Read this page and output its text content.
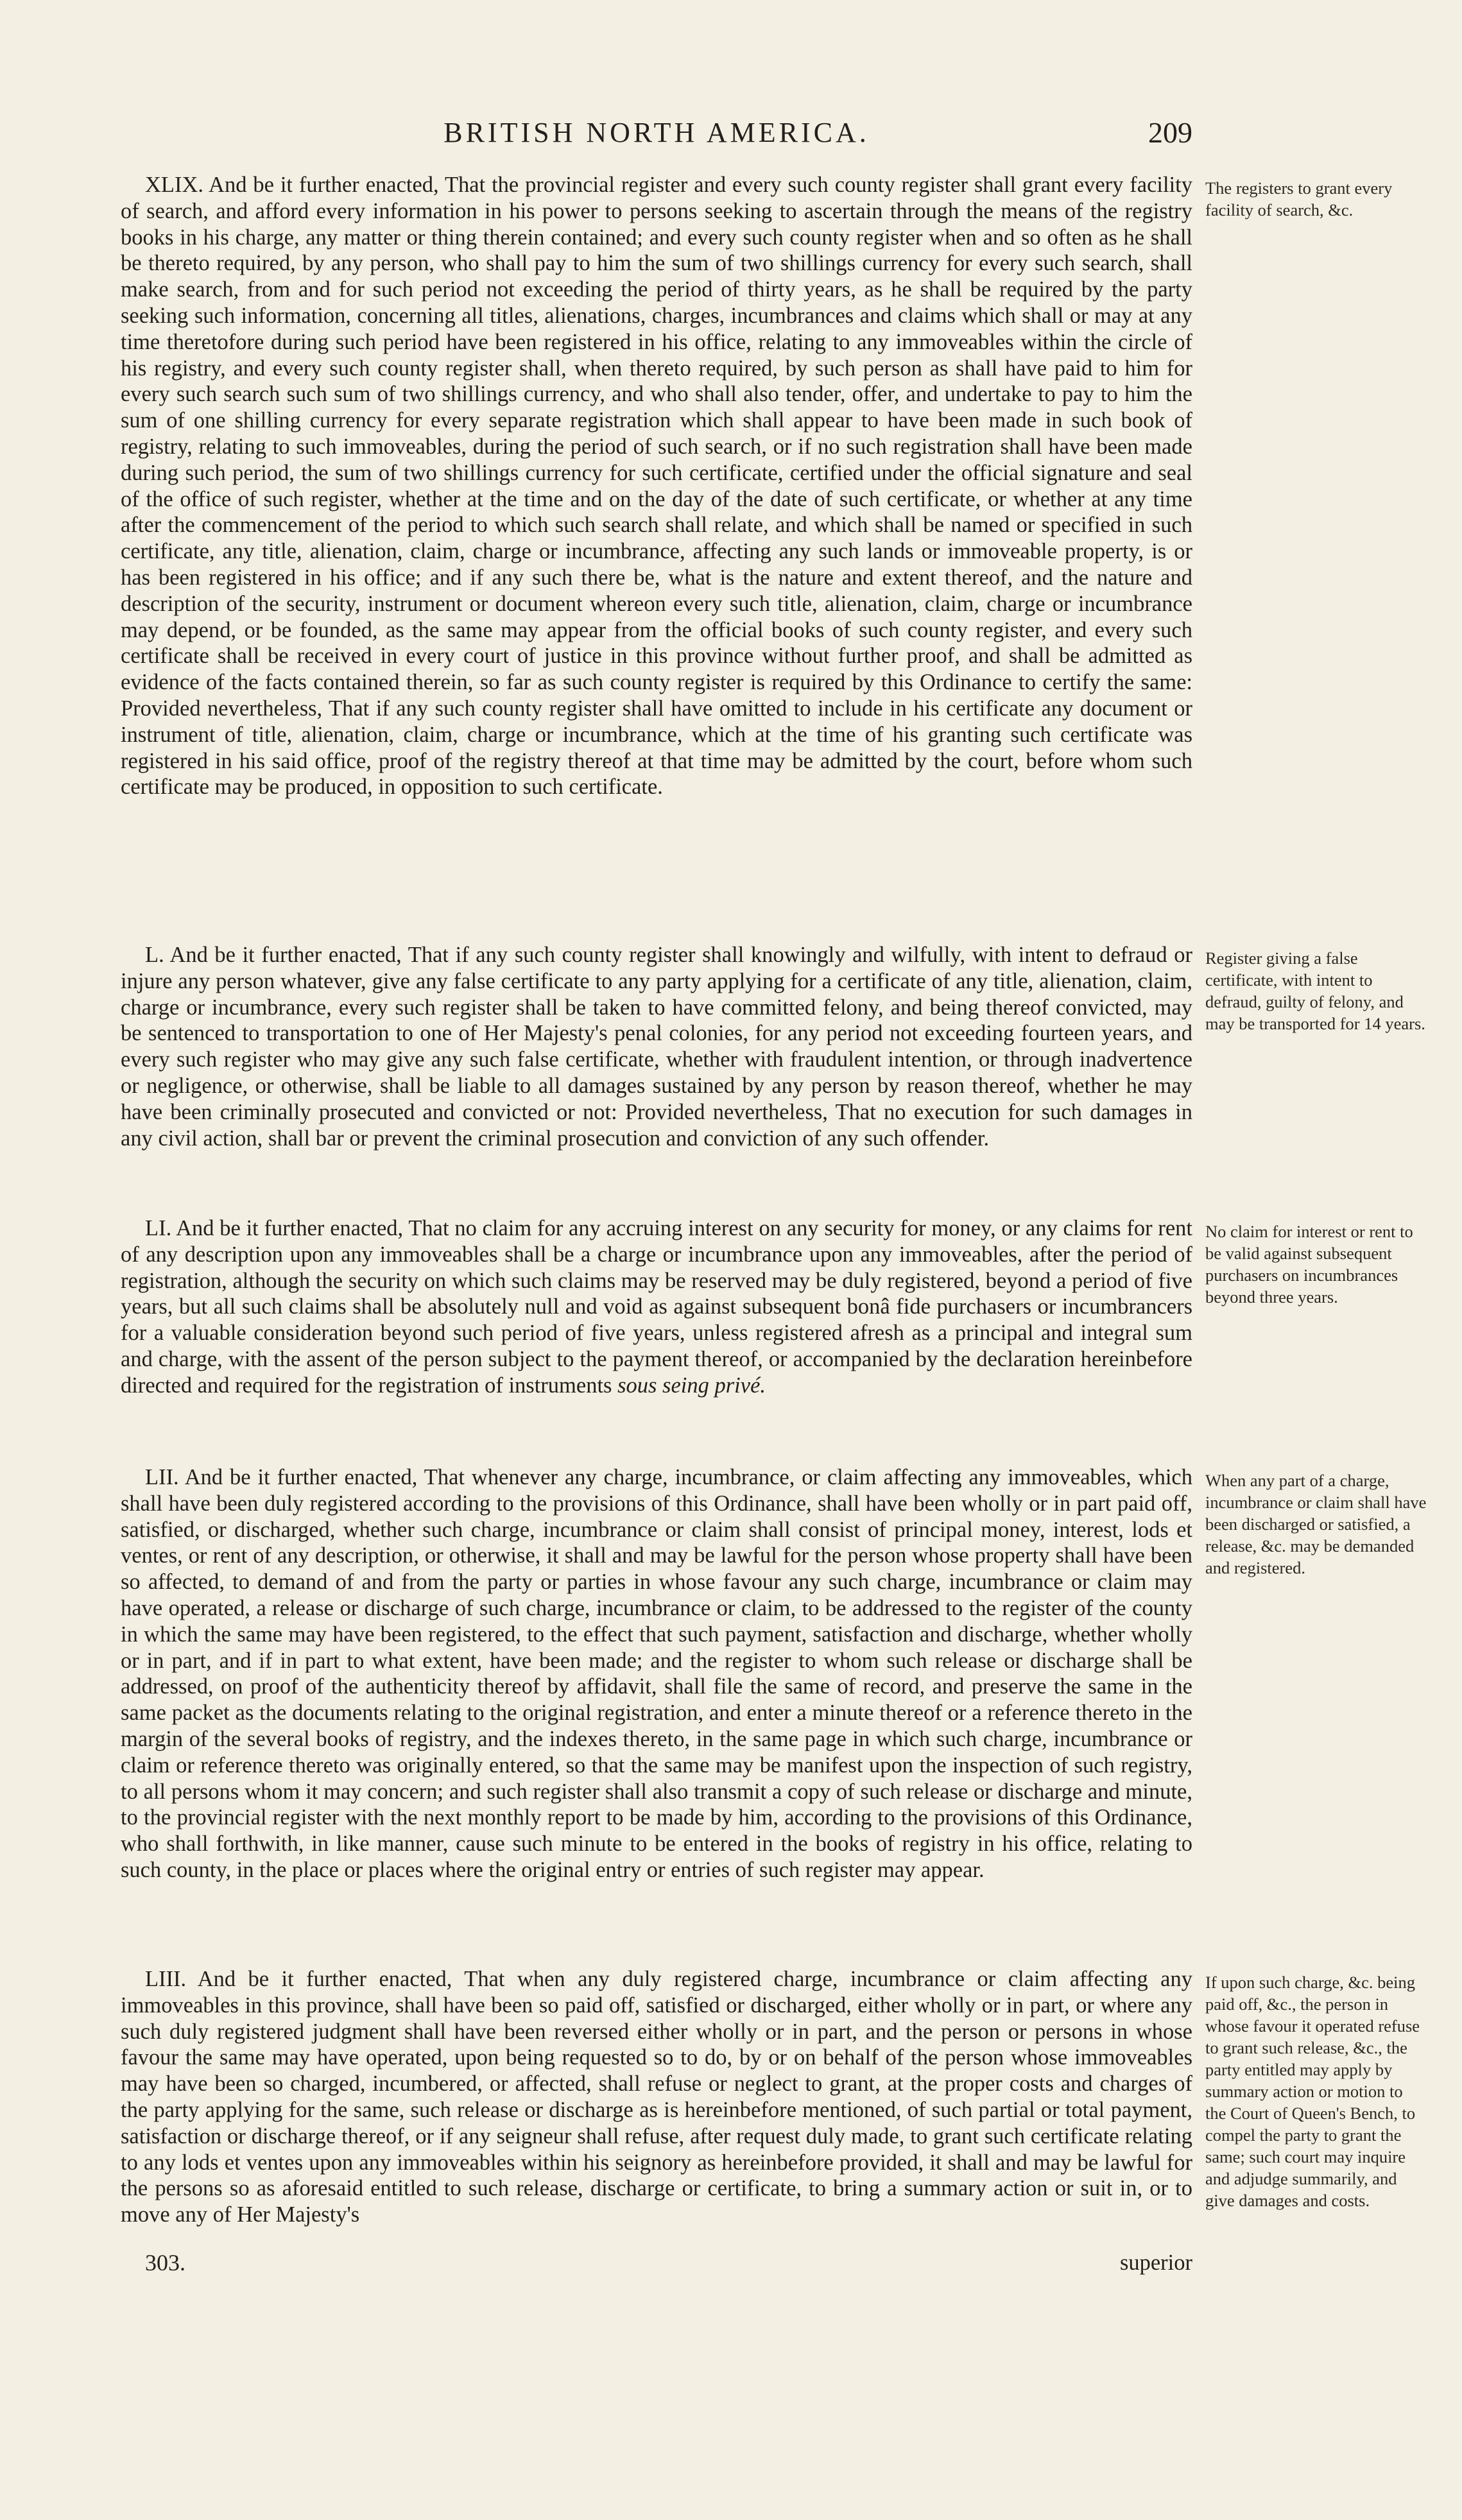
BRITISH NORTH AMERICA.	209

XLIX. And be it further enacted, That the provincial register and every such county register shall grant every facility of search, and afford every information in his power to persons seeking to ascertain through the means of the registry books in his charge, any matter or thing therein contained; and every such county register when and so often as he shall be thereto required, by any person, who shall pay to him the sum of two shillings currency for every such search, shall make search, from and for such period not exceeding the period of thirty years, as he shall be required by the party seeking such information, concerning all titles, alienations, charges, incumbrances and claims which shall or may at any time theretofore during such period have been registered in his office, relating to any immoveables within the circle of his registry, and every such county register shall, when thereto required, by such person as shall have paid to him for every such search such sum of two shillings currency, and who shall also tender, offer, and undertake to pay to him the sum of one shilling currency for every separate registration which shall appear to have been made in such book of registry, relating to such immoveables, during the period of such search, or if no such registration shall have been made during such period, the sum of two shillings currency for such certificate, certified under the official signature and seal of the office of such register, whether at the time and on the day of the date of such certificate, or whether at any time after the commencement of the period to which such search shall relate, and which shall be named or specified in such certificate, any title, alienation, claim, charge or incumbrance, affecting any such lands or immoveable property, is or has been registered in his office; and if any such there be, what is the nature and extent thereof, and the nature and description of the security, instrument or document whereon every such title, alienation, claim, charge or incumbrance may depend, or be founded, as the same may appear from the official books of such county register, and every such certificate shall be received in every court of justice in this province without further proof, and shall be admitted as evidence of the facts contained therein, so far as such county register is required by this Ordinance to certify the same: Provided nevertheless, That if any such county register shall have omitted to include in his certificate any document or instrument of title, alienation, claim, charge or incumbrance, which at the time of his granting such certificate was registered in his said office, proof of the registry thereof at that time may be admitted by the court, before whom such certificate may be produced, in opposition to such certificate.

The registers to grant every facility of search, &c.

L. And be it further enacted, That if any such county register shall knowingly and wilfully, with intent to defraud or injure any person whatever, give any false certificate to any party applying for a certificate of any title, alienation, claim, charge or incumbrance, every such register shall be taken to have committed felony, and being thereof convicted, may be sentenced to transportation to one of Her Majesty's penal colonies, for any period not exceeding fourteen years, and every such register who may give any such false certificate, whether with fraudulent intention, or through inadvertence or negligence, or otherwise, shall be liable to all damages sustained by any person by reason thereof, whether he may have been criminally prosecuted and convicted or not: Provided nevertheless, That no execution for such damages in any civil action, shall bar or prevent the criminal prosecution and conviction of any such offender.

Register giving a false certificate, with intent to defraud, guilty of felony, and may be transported for 14 years.

LI. And be it further enacted, That no claim for any accruing interest on any security for money, or any claims for rent of any description upon any immoveables shall be a charge or incumbrance upon any immoveables, after the period of registration, although the security on which such claims may be reserved may be duly registered, beyond a period of five years, but all such claims shall be absolutely null and void as against subsequent bonâ fide purchasers or incumbrancers for a valuable consideration beyond such period of five years, unless registered afresh as a principal and integral sum and charge, with the assent of the person subject to the payment thereof, or accompanied by the declaration hereinbefore directed and required for the registration of instruments sous seing privé.

No claim for interest or rent to be valid against subsequent purchasers on incumbrances beyond three years.

LII. And be it further enacted, That whenever any charge, incumbrance, or claim affecting any immoveables, which shall have been duly registered according to the provisions of this Ordinance, shall have been wholly or in part paid off, satisfied, or discharged, whether such charge, incumbrance or claim shall consist of principal money, interest, lods et ventes, or rent of any description, or otherwise, it shall and may be lawful for the person whose property shall have been so affected, to demand of and from the party or parties in whose favour any such charge, incumbrance or claim may have operated, a release or discharge of such charge, incumbrance or claim, to be addressed to the register of the county in which the same may have been registered, to the effect that such payment, satisfaction and discharge, whether wholly or in part, and if in part to what extent, have been made; and the register to whom such release or discharge shall be addressed, on proof of the authenticity thereof by affidavit, shall file the same of record, and preserve the same in the same packet as the documents relating to the original registration, and enter a minute thereof or a reference thereto in the margin of the several books of registry, and the indexes thereto, in the same page in which such charge, incumbrance or claim or reference thereto was originally entered, so that the same may be manifest upon the inspection of such registry, to all persons whom it may concern; and such register shall also transmit a copy of such release or discharge and minute, to the provincial register with the next monthly report to be made by him, according to the provisions of this Ordinance, who shall forthwith, in like manner, cause such minute to be entered in the books of registry in his office, relating to such county, in the place or places where the original entry or entries of such register may appear.

When any part of a charge, incumbrance or claim shall have been discharged or satisfied, a release, &c. may be demanded and registered.

LIII. And be it further enacted, That when any duly registered charge, incumbrance or claim affecting any immoveables in this province, shall have been so paid off, satisfied or discharged, either wholly or in part, or where any such duly registered judgment shall have been reversed either wholly or in part, and the person or persons in whose favour the same may have operated, upon being requested so to do, by or on behalf of the person whose immoveables may have been so charged, incumbered, or affected, shall refuse or neglect to grant, at the proper costs and charges of the party applying for the same, such release or discharge as is hereinbefore mentioned, of such partial or total payment, satisfaction or discharge thereof, or if any seigneur shall refuse, after request duly made, to grant such certificate relating to any lods et ventes upon any immoveables within his seignory as hereinbefore provided, it shall and may be lawful for the persons so as aforesaid entitled to such release, discharge or certificate, to bring a summary action or suit in, or to move any of Her Majesty's

If upon such charge, &c. being paid off, &c., the person in whose favour it operated refuse to grant such release, &c., the party entitled may apply by summary action or motion to the Court of Queen's Bench, to compel the party to grant the same; such court may inquire and adjudge summarily, and give damages and costs.

303.	superior
